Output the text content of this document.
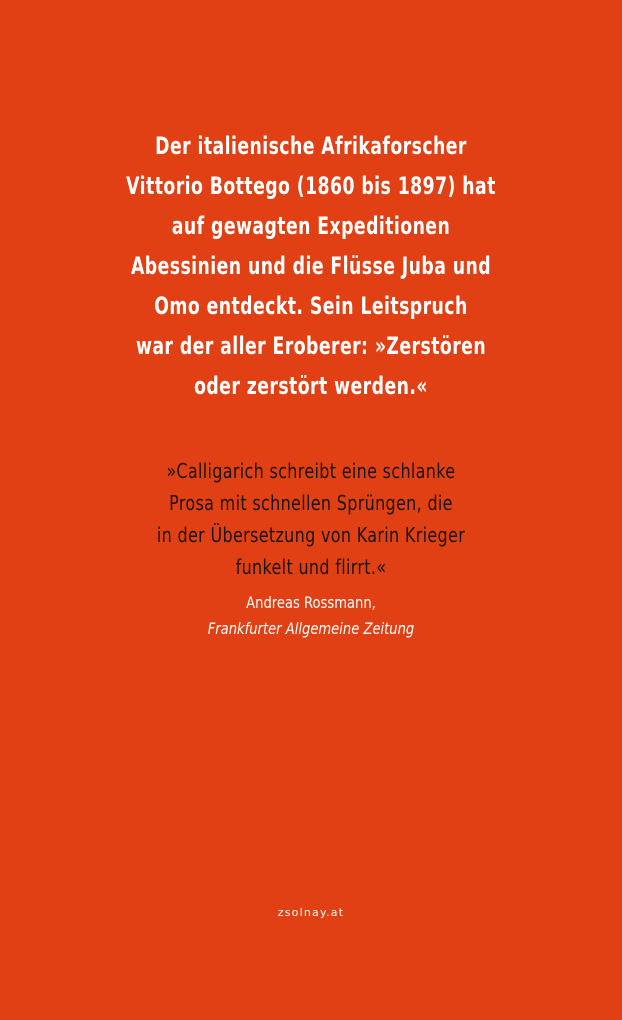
Der italienische Afrikaforscher
Vittorio Bottego (1860 bis 1897) hat
auf gewagten Expeditionen
Abessinien und die Flüsse Juba und
Omo entdeckt. Sein Leitspruch
war der aller Eroberer: »Zerstören
oder zerstört werden.«

»Calligarich schreibt eine schlanke
Prosa mit schnellen Sprüngen, die
in der Übersetzung von Karin Krieger
funkelt und flirrt.«

Andreas Rossmann,
Frankfurter Allgemeine Zeitung
zsolnay.at
